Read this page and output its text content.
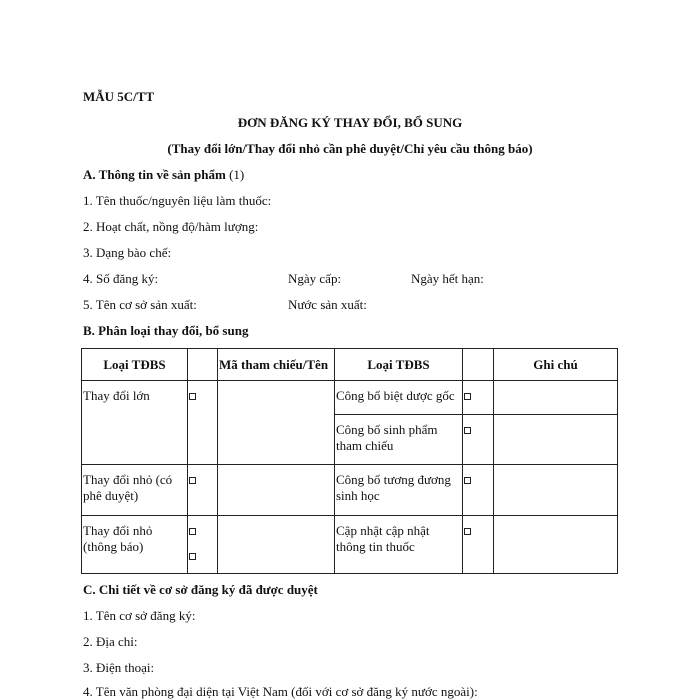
MẪU 5C/TT
ĐƠN ĐĂNG KÝ THAY ĐỔI, BỔ SUNG
(Thay đổi lớn/Thay đổi nhỏ cần phê duyệt/Chỉ yêu cầu thông báo)
A. Thông tin về sản phẩm (1)
1. Tên thuốc/nguyên liệu làm thuốc:
2. Hoạt chất, nồng độ/hàm lượng:
3. Dạng bào chế:
4. Số đăng ký:	Ngày cấp:	Ngày hết hạn:
5. Tên cơ sở sản xuất:	Nước sản xuất:
B. Phân loại thay đổi, bổ sung
Loại TĐBS		Mã tham chiếu/Tên	Loại TĐBS		Ghi chú
Thay đổi lớn			Công bố biệt dược gốc	

			Công bố sinh phẩm tham chiếu	

Thay đổi nhỏ (có phê duyệt)			Công bố tương đương sinh học	

Thay đổi nhỏ (thông báo)			Cập nhật cập nhật thông tin thuốc	

C. Chi tiết về cơ sở đăng ký đã được duyệt
1. Tên cơ sở đăng ký:
2. Địa chỉ:
3. Điện thoại:
4. Tên văn phòng đại diện tại Việt Nam (đối với cơ sở đăng ký nước ngoài):
